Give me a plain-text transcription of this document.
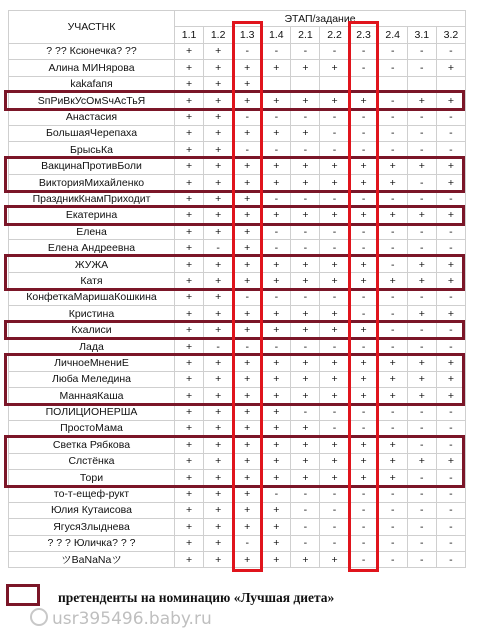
УЧАСТНК	ЭТАП/задание									
	1.1	1.2	1.3	1.4	2.1	2.2	2.3	2.4	3.1	3.2
? ?? Ксюнечка? ??	+	+	-	-	-	-	-	-	-	-
Алина МИНярова	+	+	+	+	+	+	-	-	-	+
kakafaпя	+	+	+							
SпРиВкУсОмSчАсТьЯ	+	+	+	+	+	+	+	-	+	+
Анастасия	+	+	-	-	-	-	-	-	-	-
БольшаяЧерепаха	+	+	+	+	+	-	-	-	-	-
БрысьКа	+	+	-	-	-	-	-	-	-	-
ВакцинаПротивБоли	+	+	+	+	+	+	+	+	+	+
ВикторияМихайленко	+	+	+	+	+	+	+	+	-	+
ПраздникКнамПриходит	+	+	+	-	-	-	-	-	-	-
Екатерина	+	+	+	+	+	+	+	+	+	+
Елена	+	+	+	-	-	-	-	-	-	-
Елена Андреевна	+	-	+	-	-	-	-	-	-	-
ЖУЖА	+	+	+	+	+	+	+	-	+	+
Катя	+	+	+	+	+	+	+	+	+	+
КонфеткаМаришаКошкина	+	+	-	-	-	-	-	-	-	-
Кристина	+	+	+	+	+	+	-	-	+	+
Кхалиси	+	+	+	+	+	+	+	-	-	-
Лада	+	-	-	-	-	-	-	-	-	-
ЛичноеМнениЕ	+	+	+	+	+	+	+	+	+	+
Люба Меледина	+	+	+	+	+	+	+	+	+	+
МаннаяКаша	+	+	+	+	+	+	+	+	+	+
ПОЛИЦИОНЕРША	+	+	+	+	-	-	-	-	-	-
ПростоМама	+	+	+	+	+	-	-	-	-	-
Светка Рябкова	+	+	+	+	+	+	+	+	-	-
Слстёнка	+	+	+	+	+	+	+	+	+	+
Тори	+	+	+	+	+	+	+	+	-	-
то-т-ещеф-рукт	+	+	+	-	-	-	-	-	-	-
Юлия Кутаисова	+	+	+	+	-	-	-	-	-	-
ЯгусяЗлыднева	+	+	+	+	-	-	-	-	-	-
? ? ? Юличка? ? ?	+	+	-	+	-	-	-	-	-	-
ツBaNaNaツ	+	+	+	+	+	+	-	-	-	-
претенденты на номинацию «Лучшая диета»
usr395496.baby.ru
